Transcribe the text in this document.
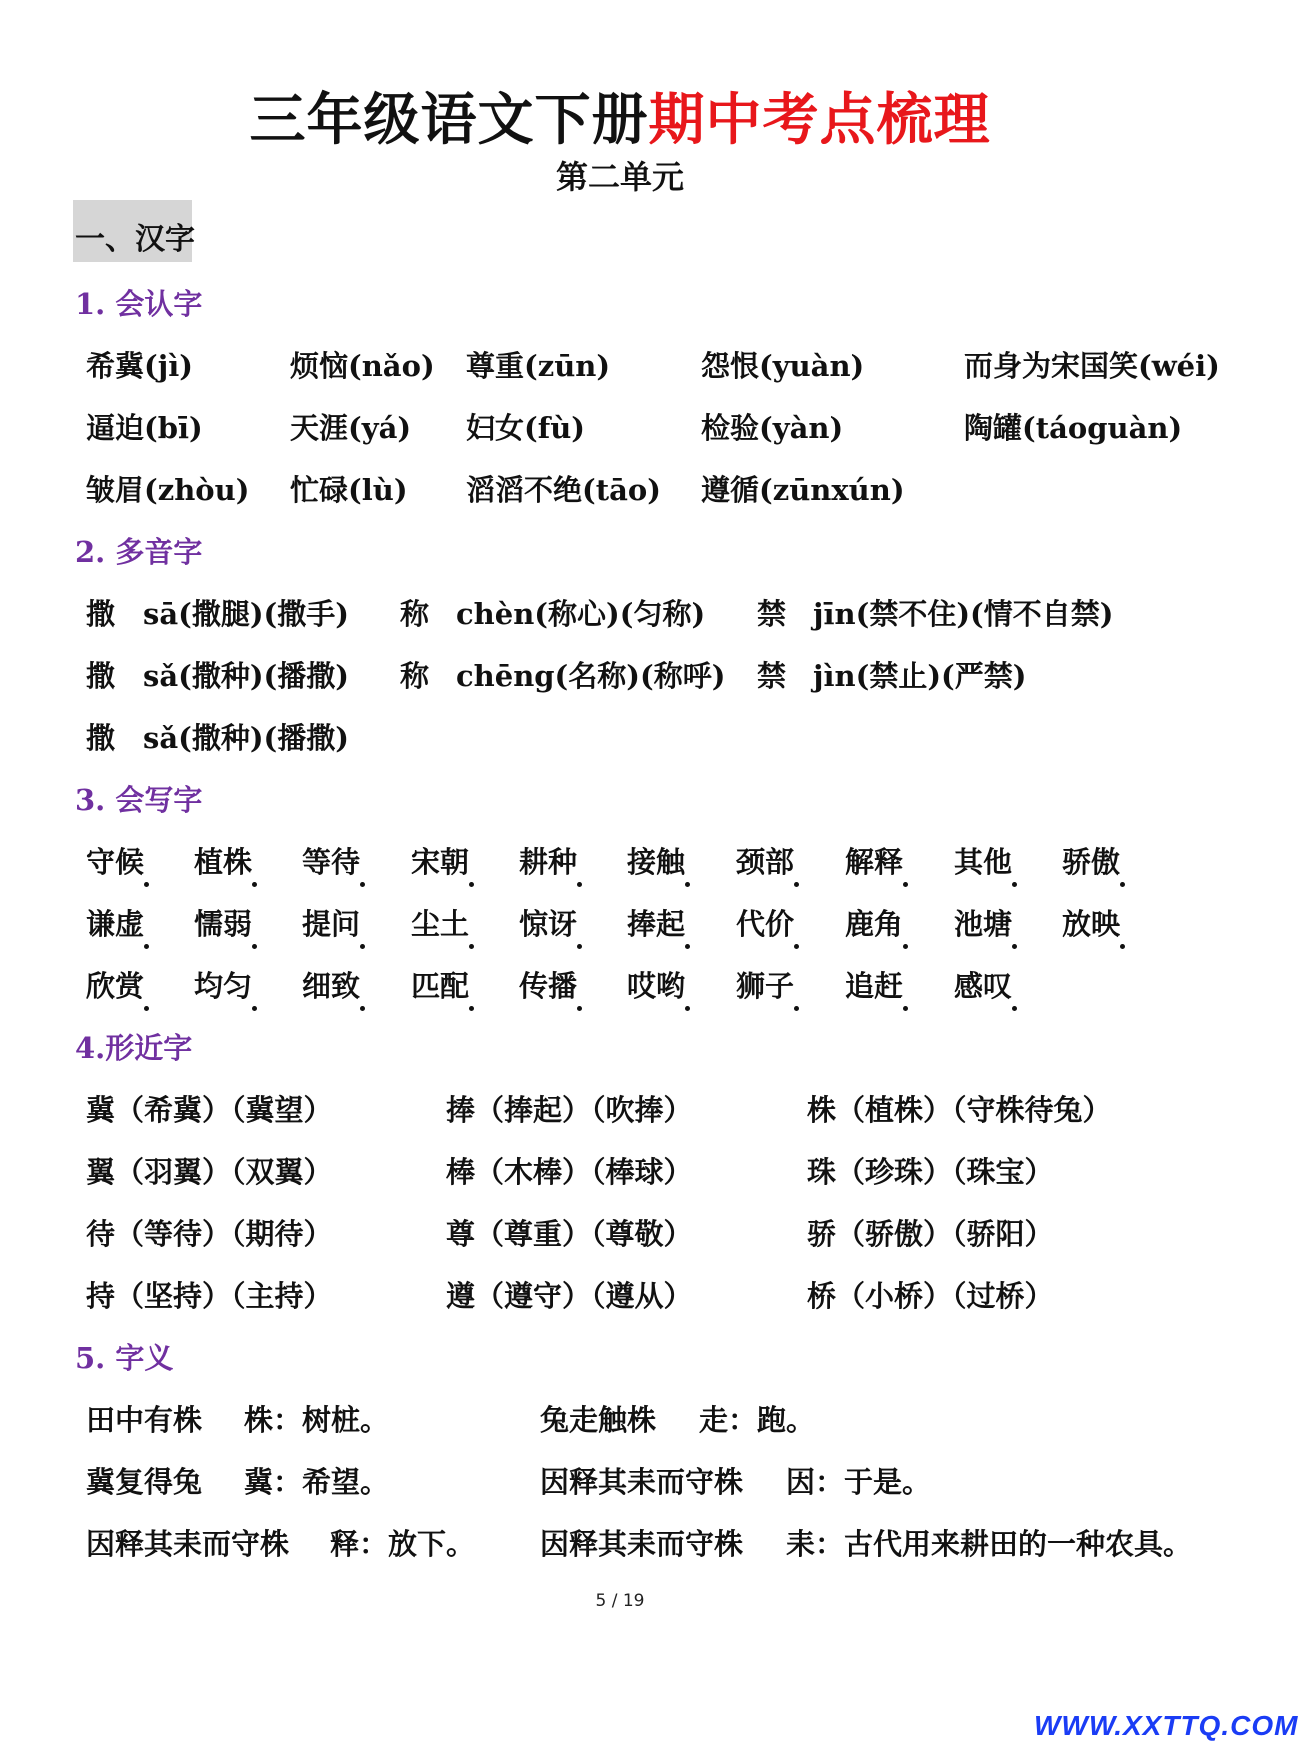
三年级语文下册期中考点梳理
第二单元
一、汉字
1. 会认字
希冀(jì)	烦恼(nǎo) 尊重(zūn)	怨恨(yuàn)	而身为宋国笑(wéi)
逼迫(bī)	天涯(yá) 妇女(fù)	检验(yàn)	陶罐(táoguàn)
皱眉(zhòu) 忙碌(lù) 滔滔不绝(tāo) 遵循(zūnxún)
2. 多音字
撒 sā(撒腿)(撒手) 称 chèn(称心)(匀称) 禁 jīn(禁不住)(情不自禁)
撒 sǎ(撒种)(播撒) 称 chēng(名称)(称呼) 禁 jìn(禁止)(严禁)
撒 sǎ(撒种)(播撒)
3. 会写字
守候 植株 等待 宋朝 耕种 接触 颈部 解释 其他 骄傲
谦虚 懦弱 提问 尘土 惊讶 捧起 代价 鹿角 池塘 放映
欣赏 均匀 细致 匹配 传播 哎哟 狮子 追赶 感叹
4.形近字
冀（希冀）（冀望）	捧（捧起）（吹捧）	株（植株）（守株待兔）
翼（羽翼）（双翼）	棒（木棒）（棒球）	珠（珍珠）（珠宝）
待（等待）（期待）	尊（尊重）（尊敬）	骄（骄傲）（骄阳）
持（坚持）（主持）	遵（遵守）（遵从）	桥（小桥）（过桥）
5. 字义
田中有株 株：树桩。	兔走触株 走：跑。
冀复得兔 冀：希望。	因释其耒而守株 因：于是。
因释其耒而守株 释：放下。 因释其耒而守株 耒：古代用来耕田的一种农具。
5 / 19
WWW.XXTTQ.COM
